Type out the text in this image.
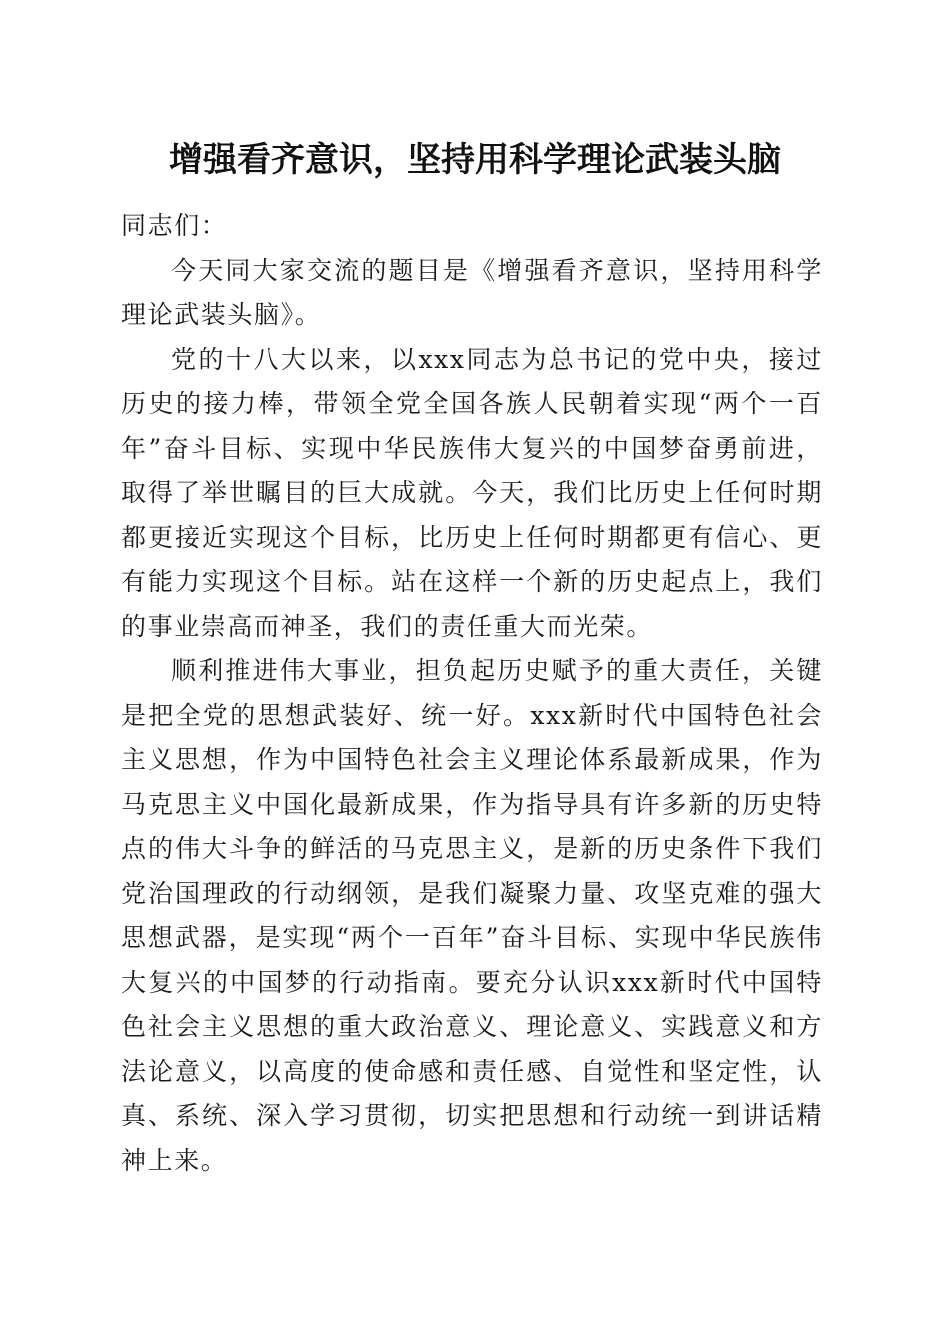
增强看齐意识，坚持用科学理论武装头脑

同志们：

今天同大家交流的题目是《增强看齐意识，坚持用科学理论武装头脑》。

党的十八大以来，以xxx同志为总书记的党中央，接过历史的接力棒，带领全党全国各族人民朝着实现“两个一百年”奋斗目标、实现中华民族伟大复兴的中国梦奋勇前进，取得了举世瞩目的巨大成就。今天，我们比历史上任何时期都更接近实现这个目标，比历史上任何时期都更有信心、更有能力实现这个目标。站在这样一个新的历史起点上，我们的事业崇高而神圣，我们的责任重大而光荣。

顺利推进伟大事业，担负起历史赋予的重大责任，关键是把全党的思想武装好、统一好。xxx新时代中国特色社会主义思想，作为中国特色社会主义理论体系最新成果，作为马克思主义中国化最新成果，作为指导具有许多新的历史特点的伟大斗争的鲜活的马克思主义，是新的历史条件下我们党治国理政的行动纲领，是我们凝聚力量、攻坚克难的强大思想武器，是实现“两个一百年”奋斗目标、实现中华民族伟大复兴的中国梦的行动指南。要充分认识xxx新时代中国特色社会主义思想的重大政治意义、理论意义、实践意义和方法论意义，以高度的使命感和责任感、自觉性和坚定性，认真、系统、深入学习贯彻，切实把思想和行动统一到讲话精神上来。
